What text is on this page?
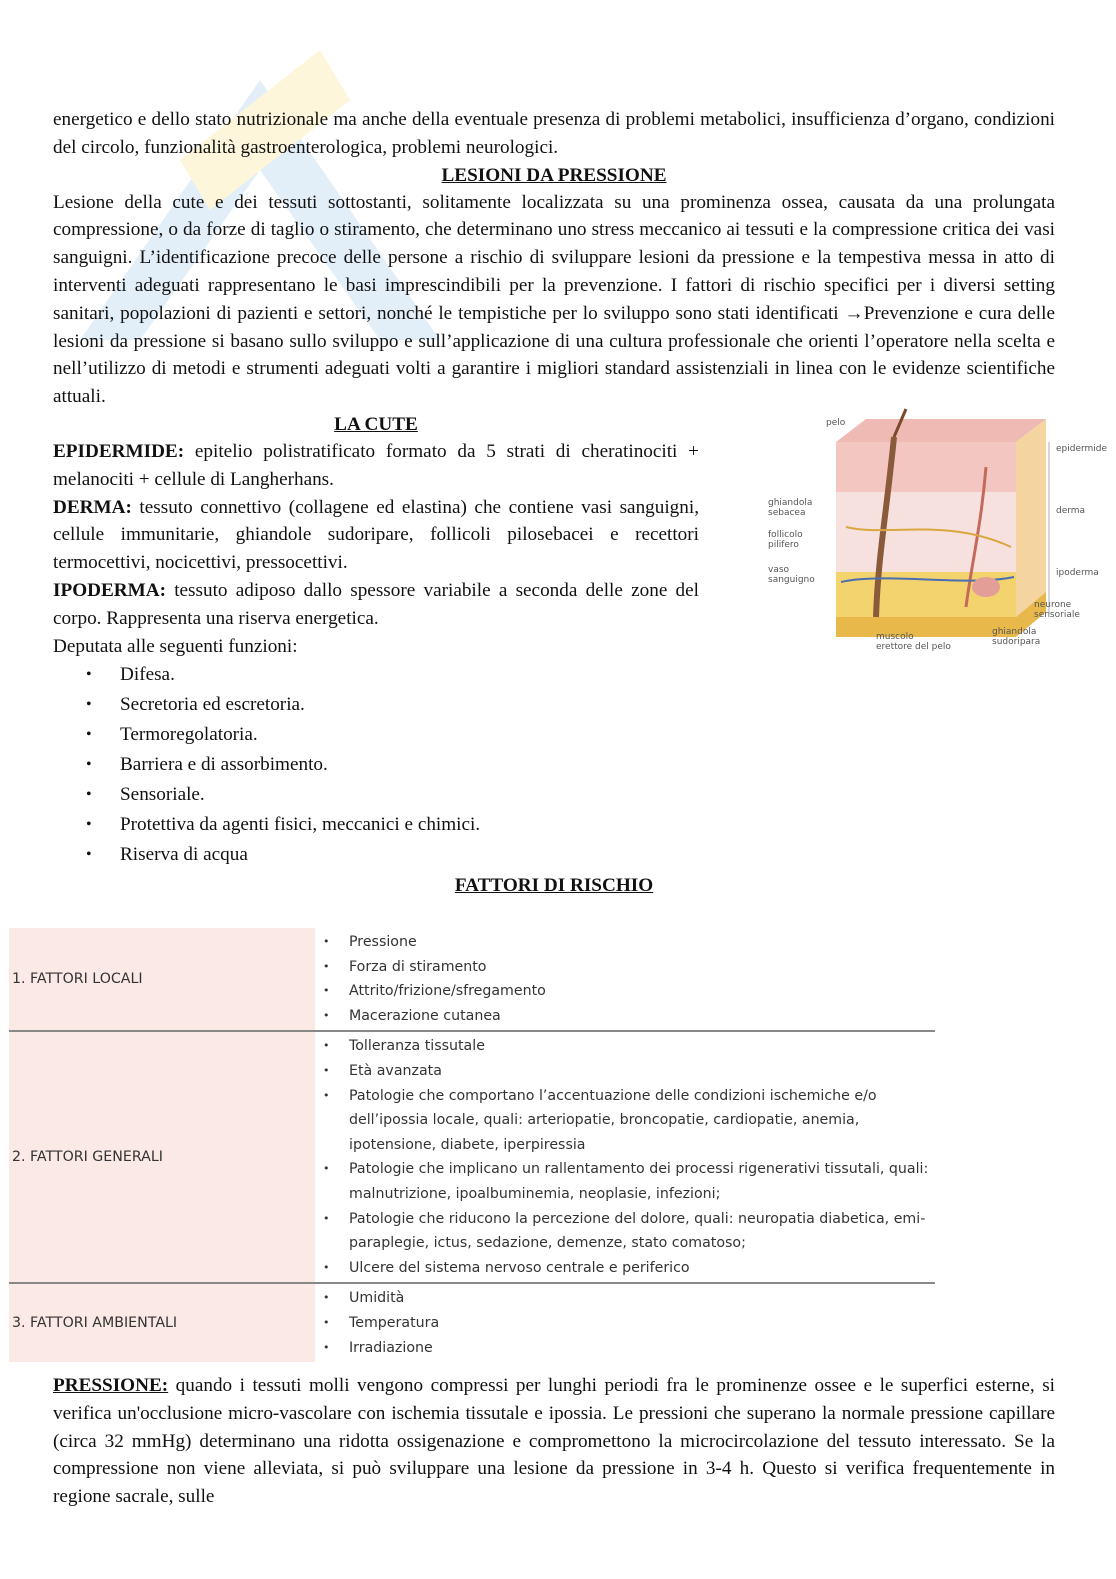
energetico e dello stato nutrizionale ma anche della eventuale presenza di problemi metabolici, insufficienza d’organo, condizioni del circolo, funzionalità gastroenterologica, problemi neurologici.

LESIONI DA PRESSIONE

Lesione della cute e dei tessuti sottostanti, solitamente localizzata su una prominenza ossea, causata da una prolungata compressione, o da forze di taglio o stiramento, che determinano uno stress meccanico ai tessuti e la compressione critica dei vasi sanguigni. L’identificazione precoce delle persone a rischio di sviluppare lesioni da pressione e la tempestiva messa in atto di interventi adeguati rappresentano le basi imprescindibili per la prevenzione. I fattori di rischio specifici per i diversi setting sanitari, popolazioni di pazienti e settori, nonché le tempistiche per lo sviluppo sono stati identificati →Prevenzione e cura delle lesioni da pressione si basano sullo sviluppo e sull’applicazione di una cultura professionale che orienti l’operatore nella scelta e nell’utilizzo di metodi e strumenti adeguati volti a garantire i migliori standard assistenziali in linea con le evidenze scientifiche attuali.

LA CUTE

EPIDERMIDE: epitelio polistratificato formato da 5 strati di cheratinociti + melanociti + cellule di Langherhans.

DERMA: tessuto connettivo (collagene ed elastina) che contiene vasi sanguigni, cellule immunitarie, ghiandole sudoripare, follicoli pilosebacei e recettori termocettivi, nocicettivi, pressocettivi.

IPODERMA: tessuto adiposo dallo spessore variabile a seconda delle zone del corpo. Rappresenta una riserva energetica.

Deputata alle seguenti funzioni:

• Difesa.
• Secretoria ed escretoria.
• Termoregolatoria.
• Barriera e di assorbimento.
• Sensoriale.
• Protettiva da agenti fisici, meccanici e chimici.
• Riserva di acqua
pelo
epidermide
derma
ipoderma
ghiandola
sebacea
follicolo
pilifero
vaso
sanguigno
neurone
sensoriale
ghiandola
sudoripara
muscolo
erettore del pelo

FATTORI DI RISCHIO

1. FATTORI LOCALI
• Pressione
• Forza di stiramento
• Attrito/frizione/sfregamento
• Macerazione cutanea
2. FATTORI GENERALI
• Tolleranza tissutale
• Età avanzata
• Patologie che comportano l’accentuazione delle condizioni ischemiche e/o dell’ipossia locale, quali: arteriopatie, broncopatie, cardiopatie, anemia, ipotensione, diabete, iperpiressia
• Patologie che implicano un rallentamento dei processi rigenerativi tissutali, quali: malnutrizione, ipoalbuminemia, neoplasie, infezioni;
• Patologie che riducono la percezione del dolore, quali: neuropatia diabetica, emi-paraplegie, ictus, sedazione, demenze, stato comatoso;
• Ulcere del sistema nervoso centrale e periferico
3. FATTORI AMBIENTALI
• Umidità
• Temperatura
• Irradiazione

PRESSIONE: quando i tessuti molli vengono compressi per lunghi periodi fra le prominenze ossee e le superfici esterne, si verifica un'occlusione micro-vascolare con ischemia tissutale e ipossia. Le pressioni che superano la normale pressione capillare (circa 32 mmHg) determinano una ridotta ossigenazione e compromettono la microcircolazione del tessuto interessato. Se la compressione non viene alleviata, si può sviluppare una lesione da pressione in 3-4 h. Questo si verifica frequentemente in regione sacrale, sulle
